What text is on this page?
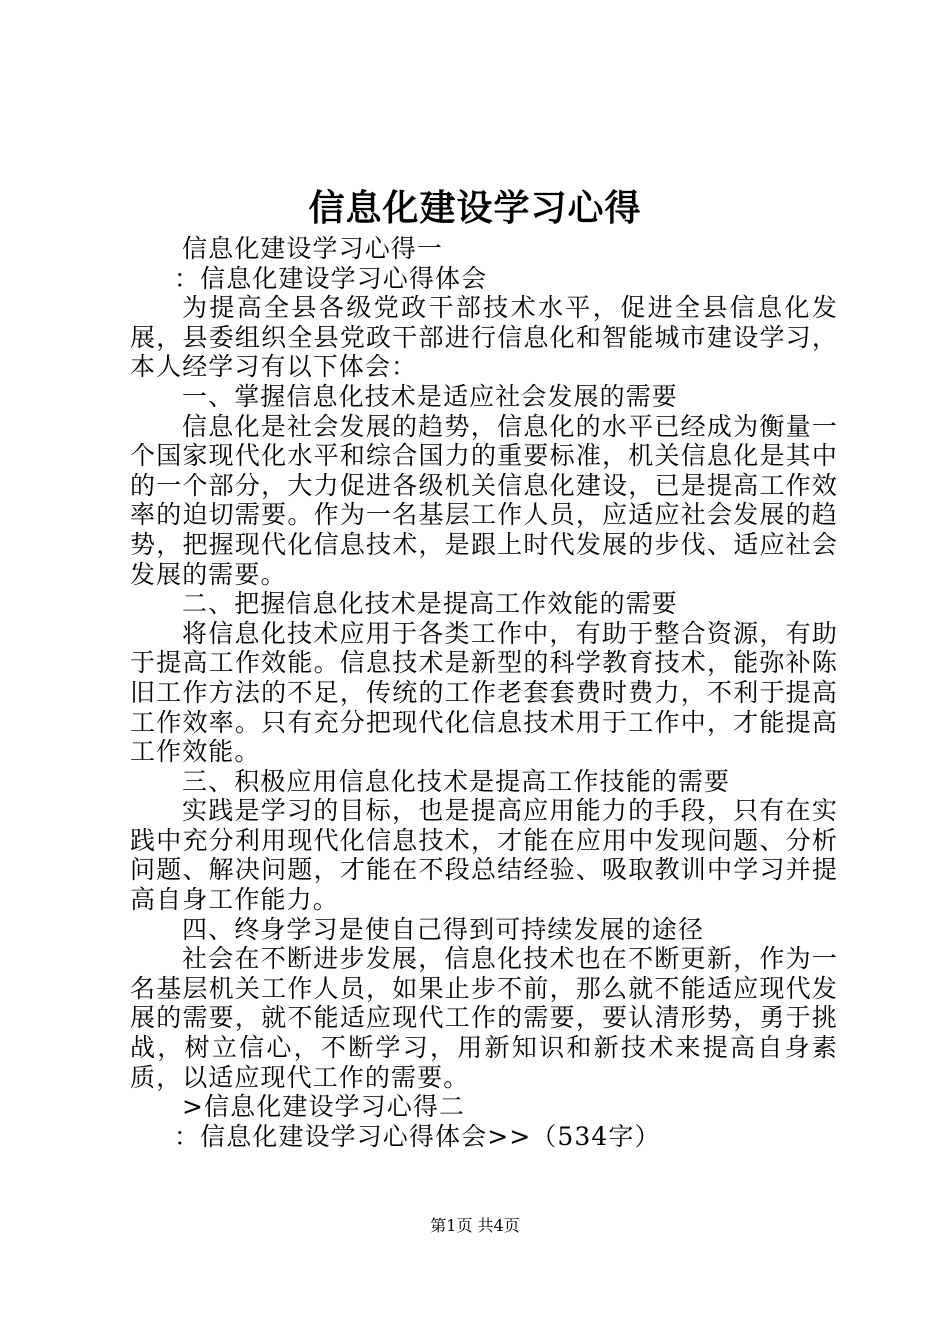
信息化建设学习心得

信息化建设学习心得一

：信息化建设学习心得体会

为提高全县各级党政干部技术水平，促进全县信息化发展，县委组织全县党政干部进行信息化和智能城市建设学习，本人经学习有以下体会：

一、掌握信息化技术是适应社会发展的需要

信息化是社会发展的趋势，信息化的水平已经成为衡量一个国家现代化水平和综合国力的重要标准，机关信息化是其中的一个部分，大力促进各级机关信息化建设，已是提高工作效率的迫切需要。作为一名基层工作人员，应适应社会发展的趋势，把握现代化信息技术，是跟上时代发展的步伐、适应社会发展的需要。

二、把握信息化技术是提高工作效能的需要

将信息化技术应用于各类工作中，有助于整合资源，有助于提高工作效能。信息技术是新型的科学教育技术，能弥补陈旧工作方法的不足，传统的工作老套套费时费力，不利于提高工作效率。只有充分把现代化信息技术用于工作中，才能提高工作效能。

三、积极应用信息化技术是提高工作技能的需要

实践是学习的目标，也是提高应用能力的手段，只有在实践中充分利用现代化信息技术，才能在应用中发现问题、分析问题、解决问题，才能在不段总结经验、吸取教训中学习并提高自身工作能力。

四、终身学习是使自己得到可持续发展的途径

社会在不断进步发展，信息化技术也在不断更新，作为一名基层机关工作人员，如果止步不前，那么就不能适应现代发展的需要，就不能适应现代工作的需要，要认清形势，勇于挑战，树立信心，不断学习，用新知识和新技术来提高自身素质，以适应现代工作的需要。

>信息化建设学习心得二

：信息化建设学习心得体会>>（534字）

第1页 共4页
